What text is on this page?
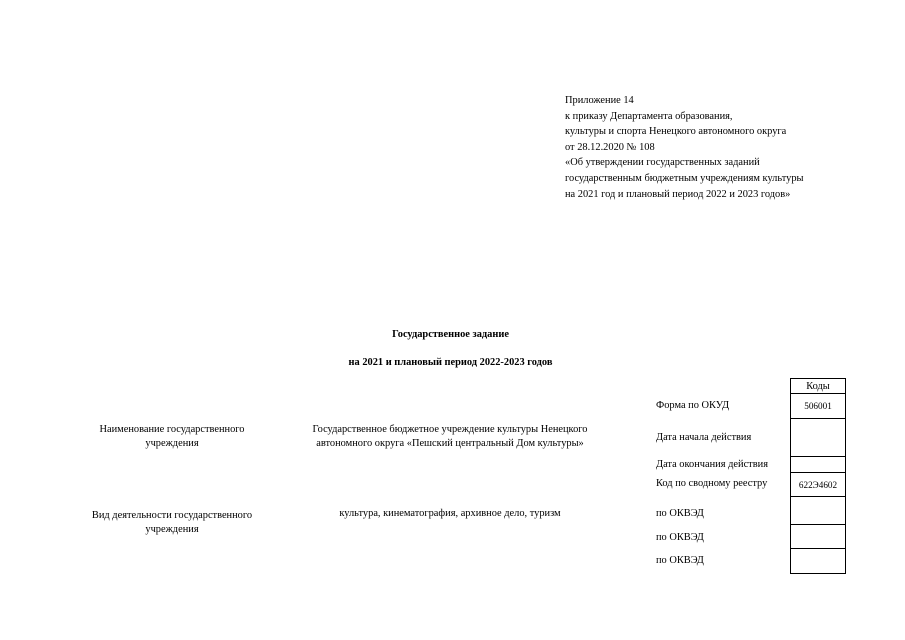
Приложение 14
к приказу Департамента образования,
культуры и спорта Ненецкого автономного округа
от 28.12.2020 № 108
«Об утверждении государственных заданий
государственным бюджетным учреждениям культуры
на 2021 год и плановый период 2022 и 2023 годов»
Государственное задание
на 2021 и плановый период 2022-2023 годов
Наименование государственного учреждения
Государственное бюджетное учреждение культуры Ненецкого автономного округа «Пешский центральный Дом культуры»
Вид деятельности государственного учреждения
культура, кинематография, архивное дело, туризм
Коды
Форма по ОКУД	506001
Дата начала действия
Дата окончания действия
Код по сводному реестру	622Э4602
по ОКВЭД
по ОКВЭД
по ОКВЭД
